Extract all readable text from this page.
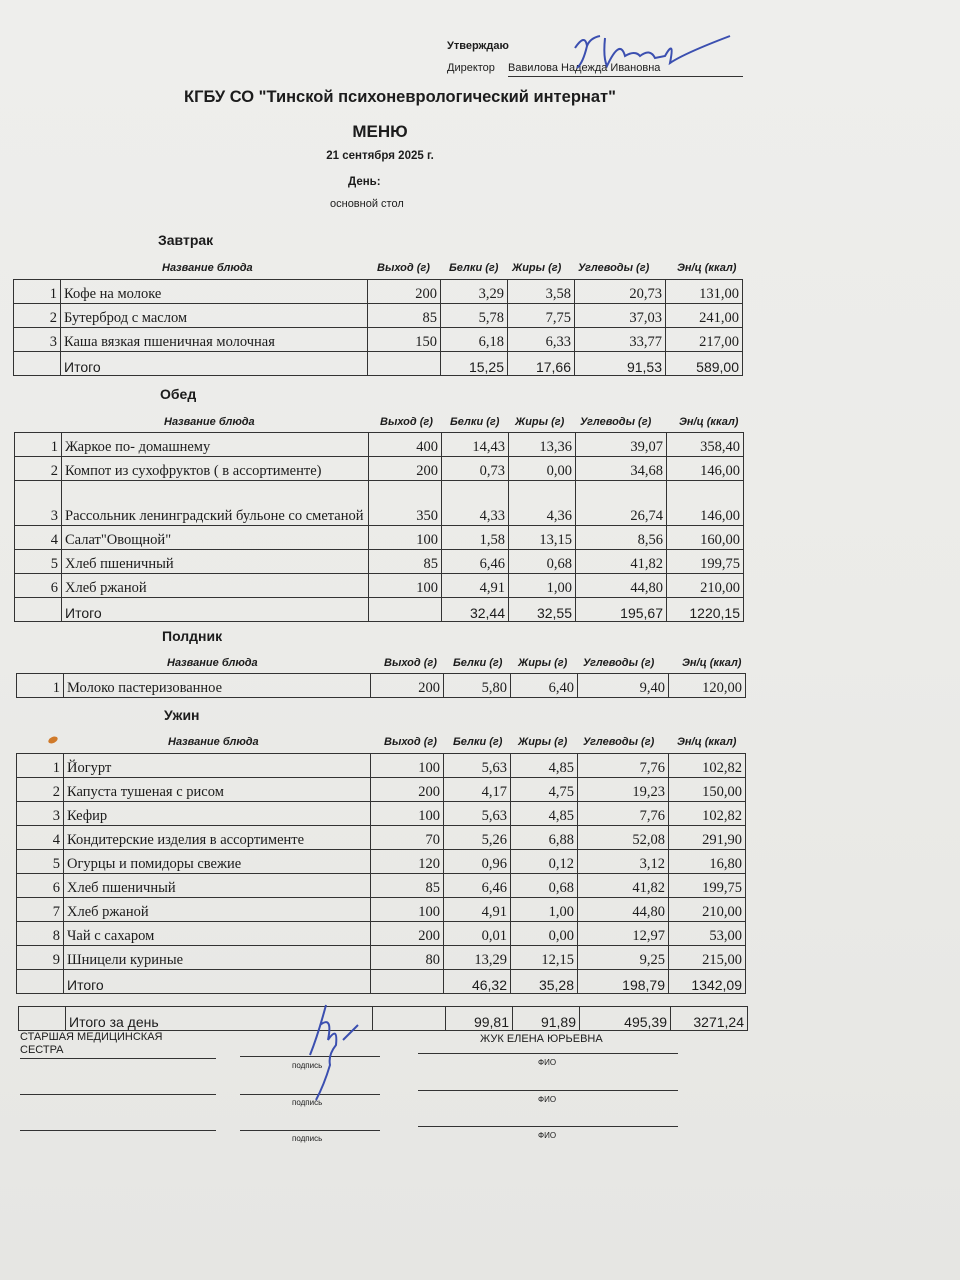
Утверждаю
Директор Вавилова Надежда Ивановна
КГБУ СО "Тинской психоневрологический интернат"
МЕНЮ
21 сентября 2025 г.
День:
основной стол
Завтрак
Название блюда	Выход (г) Белки (г) Жиры (г) Углеводы (г)	Эн/ц (ккал)
1	Кофе на молоке	200	3,29	3,58	20,73	131,00
2	Бутерброд с маслом	85	5,78	7,75	37,03	241,00
3	Каша вязкая пшеничная молочная	150	6,18	6,33	33,77	217,00
	Итого		15,25	17,66	91,53	589,00
Обед
Название блюда	Выход (г) Белки (г) Жиры (г) Углеводы (г)	Эн/ц (ккал)
1	Жаркое по- домашнему	400	14,43	13,36	39,07	358,40
2	Компот из сухофруктов ( в ассортименте)	200	0,73	0,00	34,68	146,00
3	Рассольник ленинградский бульоне со сметаной	350	4,33	4,36	26,74	146,00
4	Салат"Овощной"	100	1,58	13,15	8,56	160,00
5	Хлеб пшеничный	85	6,46	0,68	41,82	199,75
6	Хлеб ржаной	100	4,91	1,00	44,80	210,00
	Итого		32,44	32,55	195,67	1220,15
Полдник
Название блюда	Выход (г) Белки (г) Жиры (г) Углеводы (г)	Эн/ц (ккал)
1	Молоко пастеризованное	200	5,80	6,40	9,40	120,00
Ужин
Название блюда	Выход (г) Белки (г) Жиры (г) Углеводы (г) Эн/ц (ккал)
1	Йогурт	100	5,63	4,85	7,76	102,82
2	Капуста тушеная с рисом	200	4,17	4,75	19,23	150,00
3	Кефир	100	5,63	4,85	7,76	102,82
4	Кондитерские изделия в ассортименте	70	5,26	6,88	52,08	291,90
5	Огурцы и помидоры свежие	120	0,96	0,12	3,12	16,80
6	Хлеб пшеничный	85	6,46	0,68	41,82	199,75
7	Хлеб ржаной	100	4,91	1,00	44,80	210,00
8	Чай с сахаром	200	0,01	0,00	12,97	53,00
9	Шницели куриные	80	13,29	12,15	9,25	215,00
	Итого		46,32	35,28	198,79	1342,09
	Итого за день		99,81	91,89	495,39	3271,24
СТАРШАЯ МЕДИЦИНСКАЯ СЕСТРА
подпись
ЖУК ЕЛЕНА ЮРЬЕВНА
ФИО
подпись	ФИО
подпись	ФИО
